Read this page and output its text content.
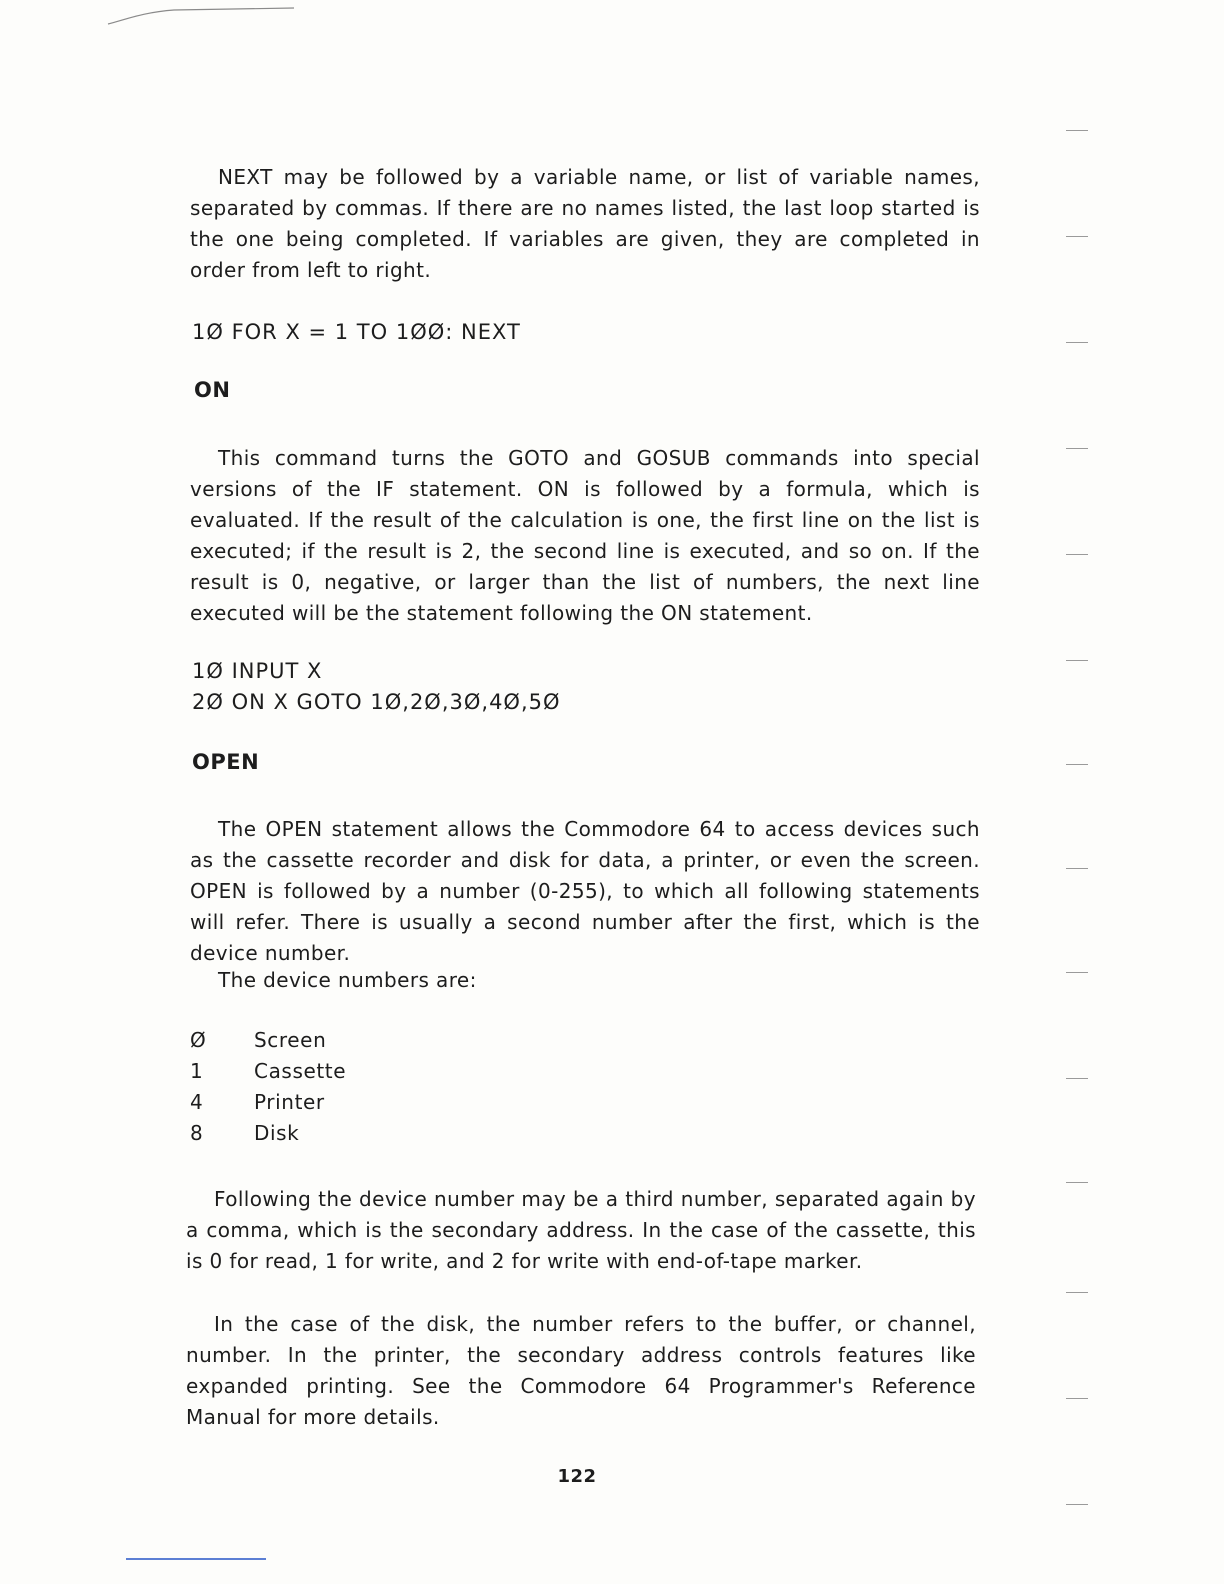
NEXT may be followed by a variable name, or list of variable names, separated by commas. If there are no names listed, the last loop started is the one being completed. If variables are given, they are completed in order from left to right.

1Ø FOR X = 1 TO 1ØØ: NEXT

ON

This command turns the GOTO and GOSUB commands into special versions of the IF statement. ON is followed by a formula, which is evaluated. If the result of the calculation is one, the first line on the list is executed; if the result is 2, the second line is executed, and so on. If the result is 0, negative, or larger than the list of numbers, the next line executed will be the statement following the ON statement.

1Ø INPUT X

2Ø ON X GOTO 1Ø,2Ø,3Ø,4Ø,5Ø

OPEN

The OPEN statement allows the Commodore 64 to access devices such as the cassette recorder and disk for data, a printer, or even the screen. OPEN is followed by a number (0-255), to which all following statements will refer. There is usually a second number after the first, which is the device number.

The device numbers are:

Ø Screen
1	Cassette
4	Printer
8	Disk

Following the device number may be a third number, separated again by a comma, which is the secondary address. In the case of the cassette, this is 0 for read, 1 for write, and 2 for write with end-of-tape marker.

In the case of the disk, the number refers to the buffer, or channel, number. In the printer, the secondary address controls features like expanded printing. See the Commodore 64 Programmer's Reference Manual for more details.

122
